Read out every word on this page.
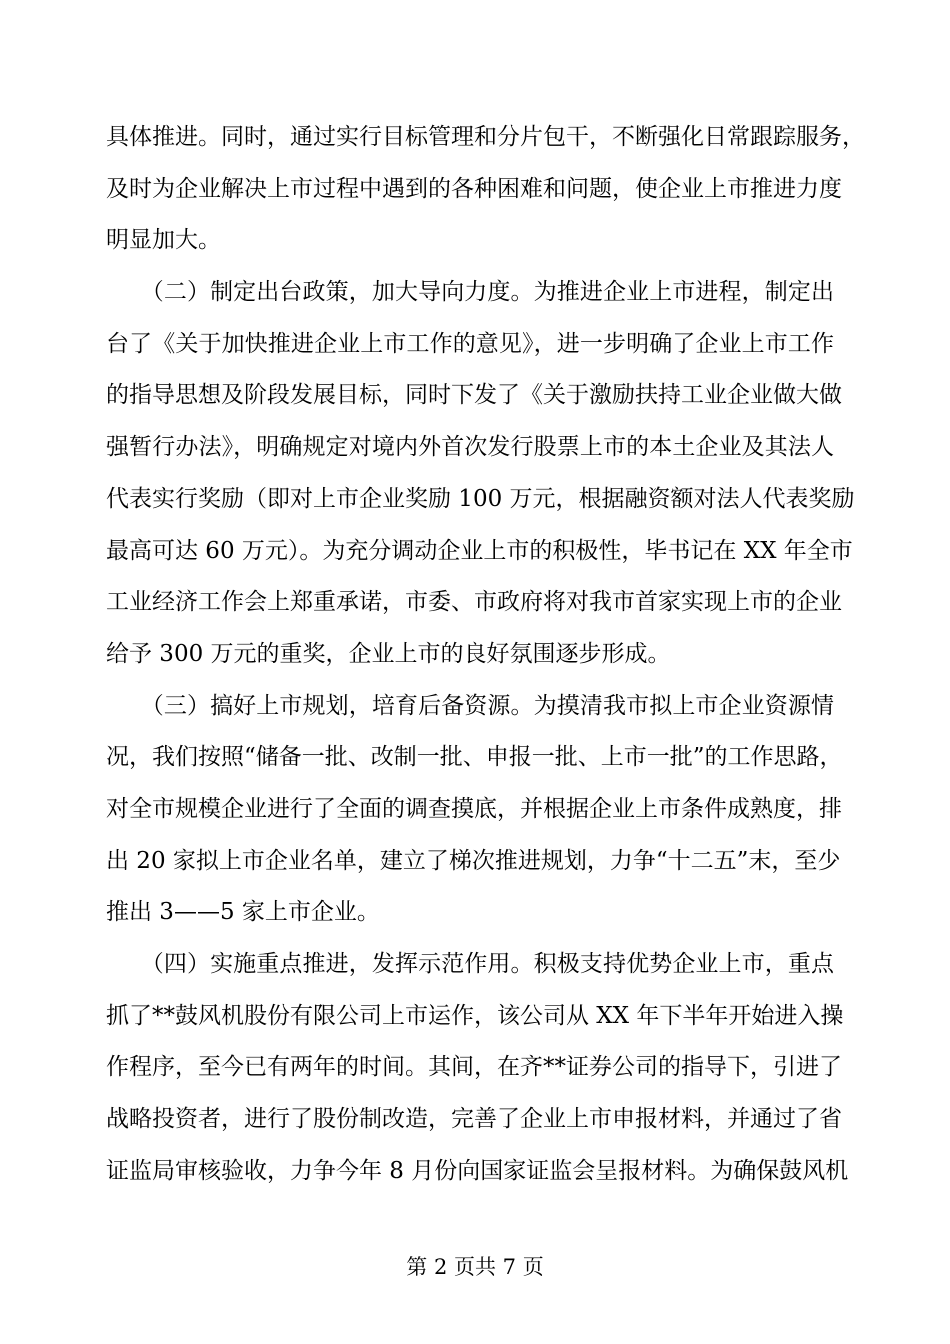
具体推进。同时，通过实行目标管理和分片包干，不断强化日常跟踪服务，
及时为企业解决上市过程中遇到的各种困难和问题，使企业上市推进力度
明显加大。
　　（二）制定出台政策，加大导向力度。为推进企业上市进程，制定出
台了《关于加快推进企业上市工作的意见》，进一步明确了企业上市工作
的指导思想及阶段发展目标，同时下发了《关于激励扶持工业企业做大做
强暂行办法》，明确规定对境内外首次发行股票上市的本土企业及其法人
代表实行奖励（即对上市企业奖励 100 万元，根据融资额对法人代表奖励
最高可达 60 万元）。为充分调动企业上市的积极性，毕书记在 XX 年全市
工业经济工作会上郑重承诺，市委、市政府将对我市首家实现上市的企业
给予 300 万元的重奖，企业上市的良好氛围逐步形成。
　　（三）搞好上市规划，培育后备资源。为摸清我市拟上市企业资源情
况，我们按照“储备一批、改制一批、申报一批、上市一批”的工作思路，
对全市规模企业进行了全面的调查摸底，并根据企业上市条件成熟度，排
出 20 家拟上市企业名单，建立了梯次推进规划，力争“十二五”末，至少
推出 3——5 家上市企业。
　　（四）实施重点推进，发挥示范作用。积极支持优势企业上市，重点
抓了**鼓风机股份有限公司上市运作，该公司从 XX 年下半年开始进入操
作程序，至今已有两年的时间。其间，在齐**证券公司的指导下，引进了
战略投资者，进行了股份制改造，完善了企业上市申报材料，并通过了省
证监局审核验收，力争今年 8 月份向国家证监会呈报材料。为确保鼓风机
第 2 页共 7 页
